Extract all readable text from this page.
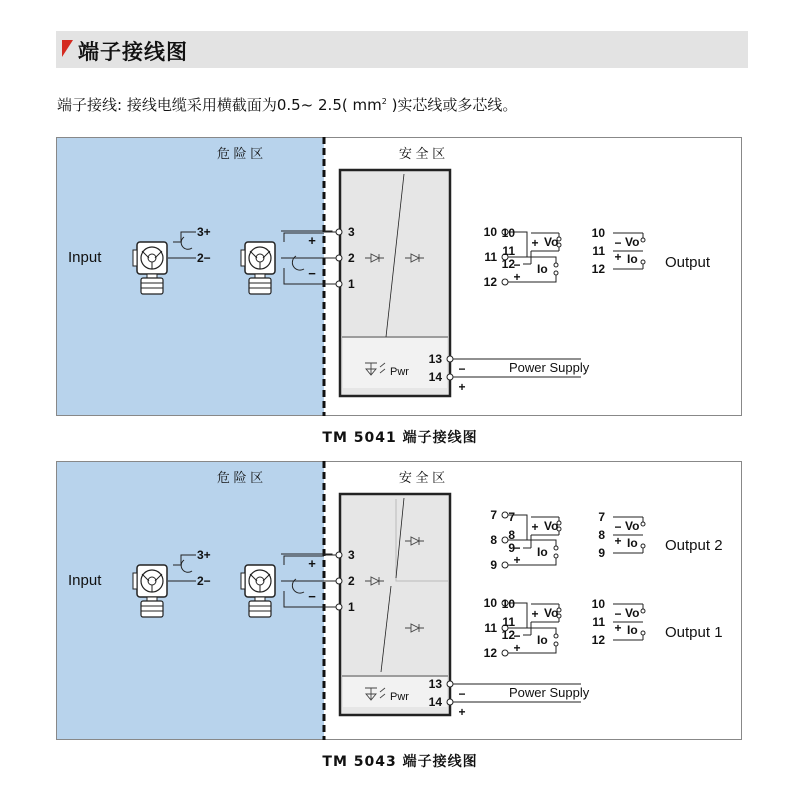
端子接线图
端子接线: 接线电缆采用横截面为0.5~ 2.5( $mm^2$ )实芯线或多芯线。
危 险 区	安 全 区
Input
3+
2−
+
−
3
2
1
10
11
12
−
+
Io
10
11
12
+ Vo	− Vo
+ Io
10
11
12	Output
13
14
−
+
Power Supply
Pwr
TM 5041 端子接线图
危 险 区	安 全 区
Input
3+
2−
+
−
3
2
1
7
8
9
−
+
Io
10
11
12
−
+
Io
7
8
9
+ Vo
10
11
12
+ Vo
− Vo
+ Io
7
8
9
− Vo
+ Io
10
11
12
Output 2
Output 1
13
14
−
+
Power Supply
Pwr
TM 5043 端子接线图
